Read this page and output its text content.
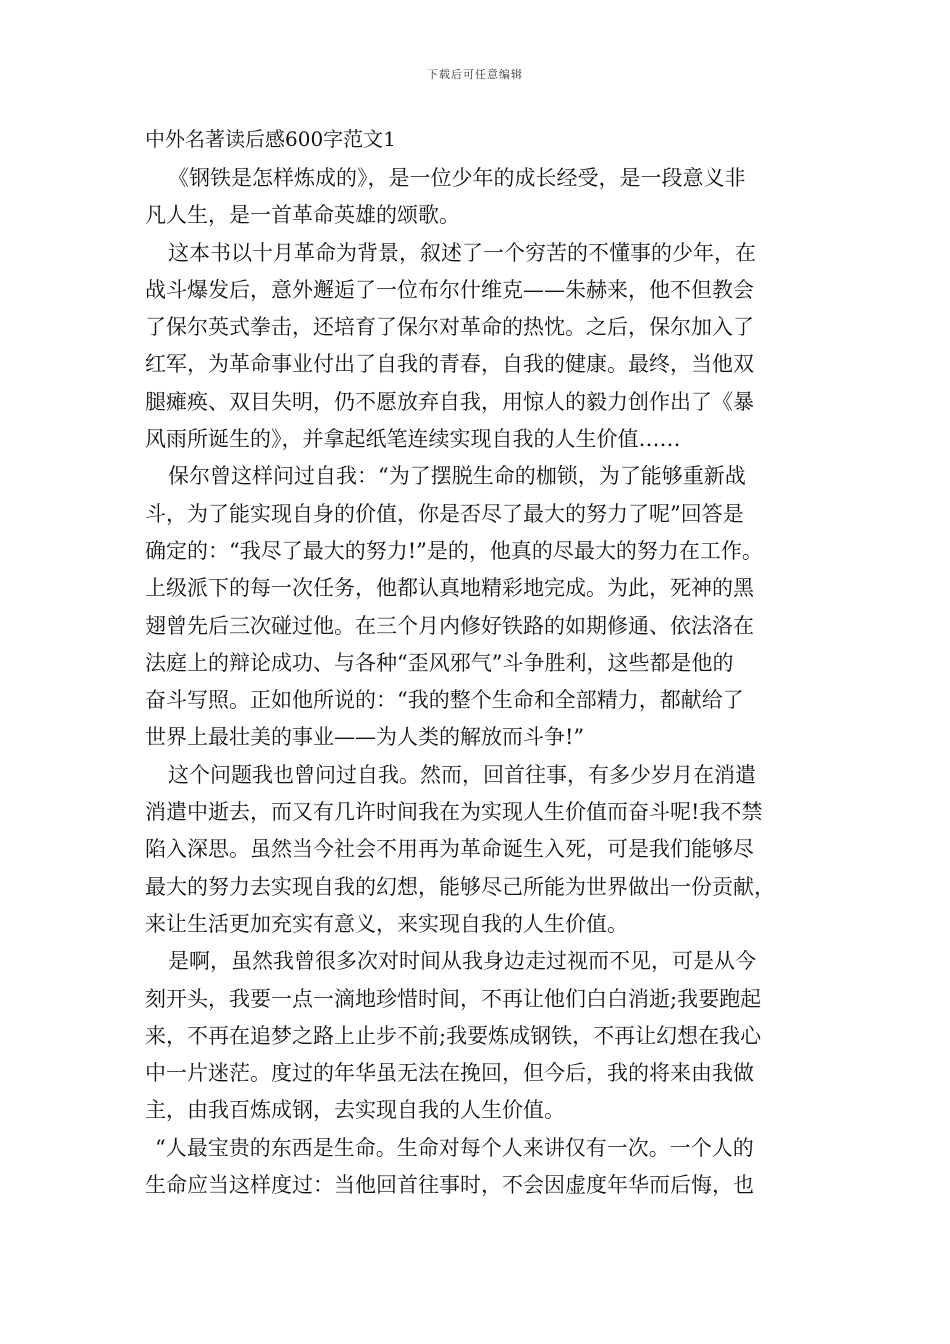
下载后可任意编辑
中外名著读后感600字范文1

《钢铁是怎样炼成的》，是一位少年的成长经受，是一段意义非
凡人生，是一首革命英雄的颂歌。

这本书以十月革命为背景，叙述了一个穷苦的不懂事的少年，在
战斗爆发后，意外邂逅了一位布尔什维克——朱赫来，他不但教会
了保尔英式拳击，还培育了保尔对革命的热忱。之后，保尔加入了
红军，为革命事业付出了自我的青春，自我的健康。最终，当他双
腿瘫痪、双目失明，仍不愿放弃自我，用惊人的毅力创作出了《暴
风雨所诞生的》，并拿起纸笔连续实现自我的人生价值……

保尔曾这样问过自我：“为了摆脱生命的枷锁，为了能够重新战
斗，为了能实现自身的价值，你是否尽了最大的努力了呢”回答是
确定的：“我尽了最大的努力!”是的，他真的尽最大的努力在工作。
上级派下的每一次任务，他都认真地精彩地完成。为此，死神的黑
翅曾先后三次碰过他。在三个月内修好铁路的如期修通、依法洛在
法庭上的辩论成功、与各种“歪风邪气”斗争胜利，这些都是他的
奋斗写照。正如他所说的：“我的整个生命和全部精力，都献给了
世界上最壮美的事业——为人类的解放而斗争!”

这个问题我也曾问过自我。然而，回首往事，有多少岁月在消遣
消遣中逝去，而又有几许时间我在为实现人生价值而奋斗呢!我不禁
陷入深思。虽然当今社会不用再为革命诞生入死，可是我们能够尽
最大的努力去实现自我的幻想，能够尽己所能为世界做出一份贡献，
来让生活更加充实有意义，来实现自我的人生价值。

是啊，虽然我曾很多次对时间从我身边走过视而不见，可是从今
刻开头，我要一点一滴地珍惜时间，不再让他们白白消逝;我要跑起
来，不再在追梦之路上止步不前;我要炼成钢铁，不再让幻想在我心
中一片迷茫。度过的年华虽无法在挽回，但今后，我的将来由我做
主，由我百炼成钢，去实现自我的人生价值。

“人最宝贵的东西是生命。生命对每个人来讲仅有一次。一个人的
生命应当这样度过：当他回首往事时，不会因虚度年华而后悔，也
